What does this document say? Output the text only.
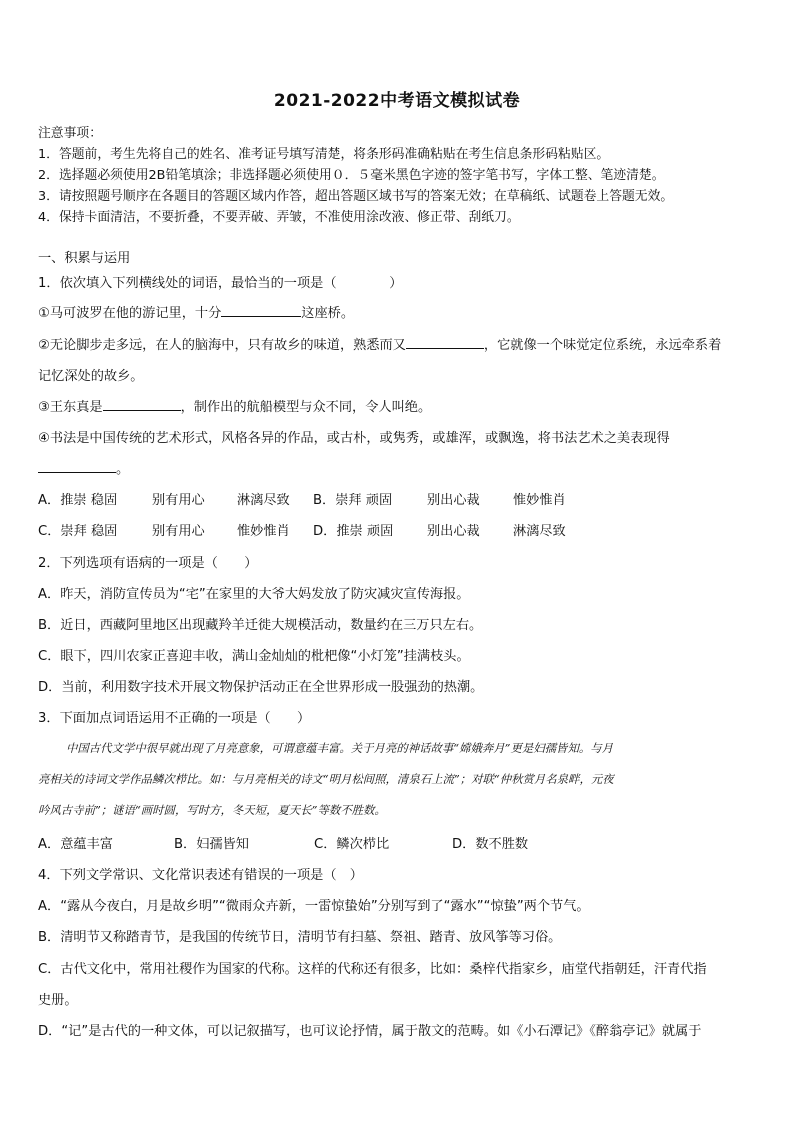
2021-2022中考语文模拟试卷
注意事项：
1．答题前，考生先将自己的姓名、准考证号填写清楚，将条形码准确粘贴在考生信息条形码粘贴区。
2．选择题必须使用2B铅笔填涂；非选择题必须使用０．５毫米黑色字迹的签字笔书写，字体工整、笔迹清楚。
3．请按照题号顺序在各题目的答题区域内作答，超出答题区域书写的答案无效；在草稿纸、试题卷上答题无效。
4．保持卡面清洁，不要折叠，不要弄破、弄皱，不准使用涂改液、修正带、刮纸刀。
一、积累与运用
1．依次填入下列横线处的词语，最恰当的一项是（　　　　）
①马可波罗在他的游记里，十分	这座桥。
②无论脚步走多远，在人的脑海中，只有故乡的味道，熟悉而又	，它就像一个味觉定位系统，永远牵系着
记忆深处的故乡。
③王东真是	，制作出的航船模型与众不同，令人叫绝。
④书法是中国传统的艺术形式，风格各异的作品，或古朴，或隽秀，或雄浑，或飘逸，将书法艺术之美表现得
。
A．推崇 稳固	别有用心 淋漓尽致 B．崇拜 顽固	别出心裁	惟妙惟肖
C．崇拜 稳固	别有用心 惟妙惟肖 D．推崇 顽固	别出心裁	淋漓尽致
2．下列选项有语病的一项是（　　）
A．昨天，消防宣传员为“宅”在家里的大爷大妈发放了防灾减灾宣传海报。
B．近日，西藏阿里地区出现藏羚羊迁徙大规模活动，数量约在三万只左右。
C．眼下，四川农家正喜迎丰收，满山金灿灿的枇杷像“小灯笼”挂满枝头。
D．当前，利用数字技术开展文物保护活动正在全世界形成一股强劲的热潮。
3．下面加点词语运用不正确的一项是（　　）
中国古代文学中很早就出现了月亮意象，可谓意蕴丰富。关于月亮的神话故事“嫦娥奔月”更是妇孺皆知。与月
亮相关的诗词文学作品鳞次栉比。如：与月亮相关的诗文“明月松间照，清泉石上流”；对联“仲秋赏月名泉畔，元夜
吟风古寺前”；谜语“画时圆，写时方，冬天短，夏天长”等数不胜数。
A．意蕴丰富	B．妇孺皆知	C．鳞次栉比	D．数不胜数
4．下列文学常识、文化常识表述有错误的一项是（　）
A．“露从今夜白，月是故乡明”“微雨众卉新，一雷惊蛰始”分别写到了“露水”“惊蛰”两个节气。
B．清明节又称踏青节，是我国的传统节日，清明节有扫墓、祭祖、踏青、放风筝等习俗。
C．古代文化中，常用社稷作为国家的代称。这样的代称还有很多，比如：桑梓代指家乡，庙堂代指朝廷，汗青代指
史册。
D．“记”是古代的一种文体，可以记叙描写，也可议论抒情，属于散文的范畴。如《小石潭记》《醉翁亭记》就属于
